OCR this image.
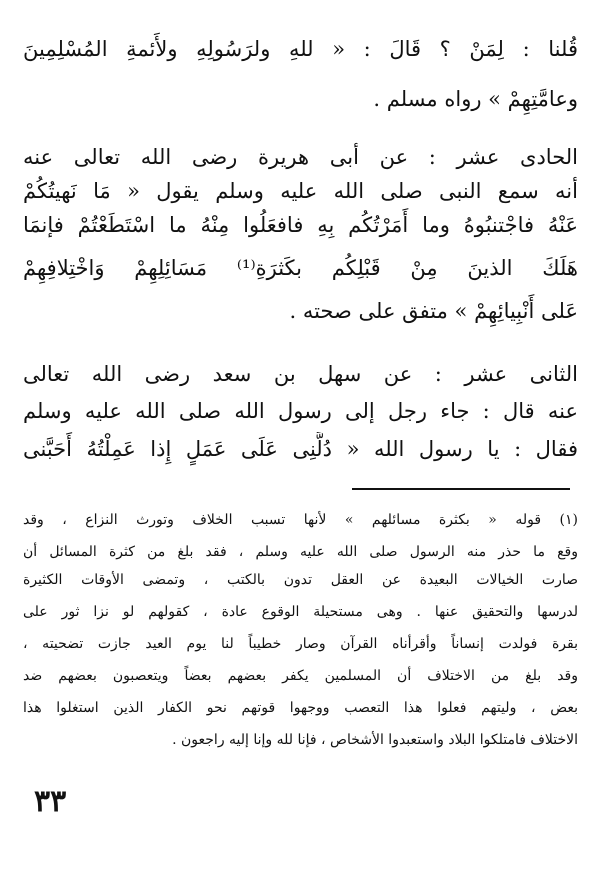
قُلنا : لِمَنْ ؟ قَالَ : « للهِ ولرَسُولِهِ ولأَئمةِ المُسْلِمِينَ
وعامَّتِهِمْ » رواه مسلم .
الحادى عشر : عن أبى هريرة رضى الله تعالى عنه
أنه سمع النبى صلى الله عليه وسلم يقول « مَا نَهيتُكُمْ
عَنْهُ فاجْتنبُوهُ وما أَمَرْتُكُم بِهِ فافعَلُوا مِنْهُ ما اسْتَطَعْتُمْ فإنمَا
هَلَكَ الذينَ مِنْ قَبْلِكُم بكَثرَةِ⁽¹⁾ مَسَائِلِهِمْ وَاخْتِلافِهِمْ
عَلى أَنْبِيائِهِمْ » متفق على صحته .
الثانى عشر : عن سهل بن سعد رضى الله تعالى
عنه قال : جاء رجل إلى رسول الله صلى الله عليه وسلم
فقال : يا رسول الله « دُلَّنِى عَلَى عَمَلٍ إِذا عَمِلْتُهُ أَحَبَّنى
(١) قوله « بكثرة مسائلهم » لأنها تسبب الخلاف وتورث النزاع ، وقد
وقع ما حذر منه الرسول صلى الله عليه وسلم ، فقد بلغ من كثرة المسائل أن
صارت الخيالات البعيدة عن العقل تدون بالكتب ، وتمضى الأوقات الكثيرة
لدرسها والتحقيق عنها . وهى مستحيلة الوقوع عادة ، كقولهم لو نزا ثور على
بقرة فولدت إنساناً وأقرأناه القرآن وصار خطيباً لنا يوم العيد جازت تضحيته ،
وقد بلغ من الاختلاف أن المسلمين يكفر بعضهم بعضاً ويتعصبون بعضهم ضد
بعض ، وليتهم فعلوا هذا التعصب ووجهوا قوتهم نحو الكفار الذين استغلوا هذا
الاختلاف فامتلكوا البلاد واستعبدوا الأشخاص ، فإنا لله وإنا إليه راجعون .
٣٣
